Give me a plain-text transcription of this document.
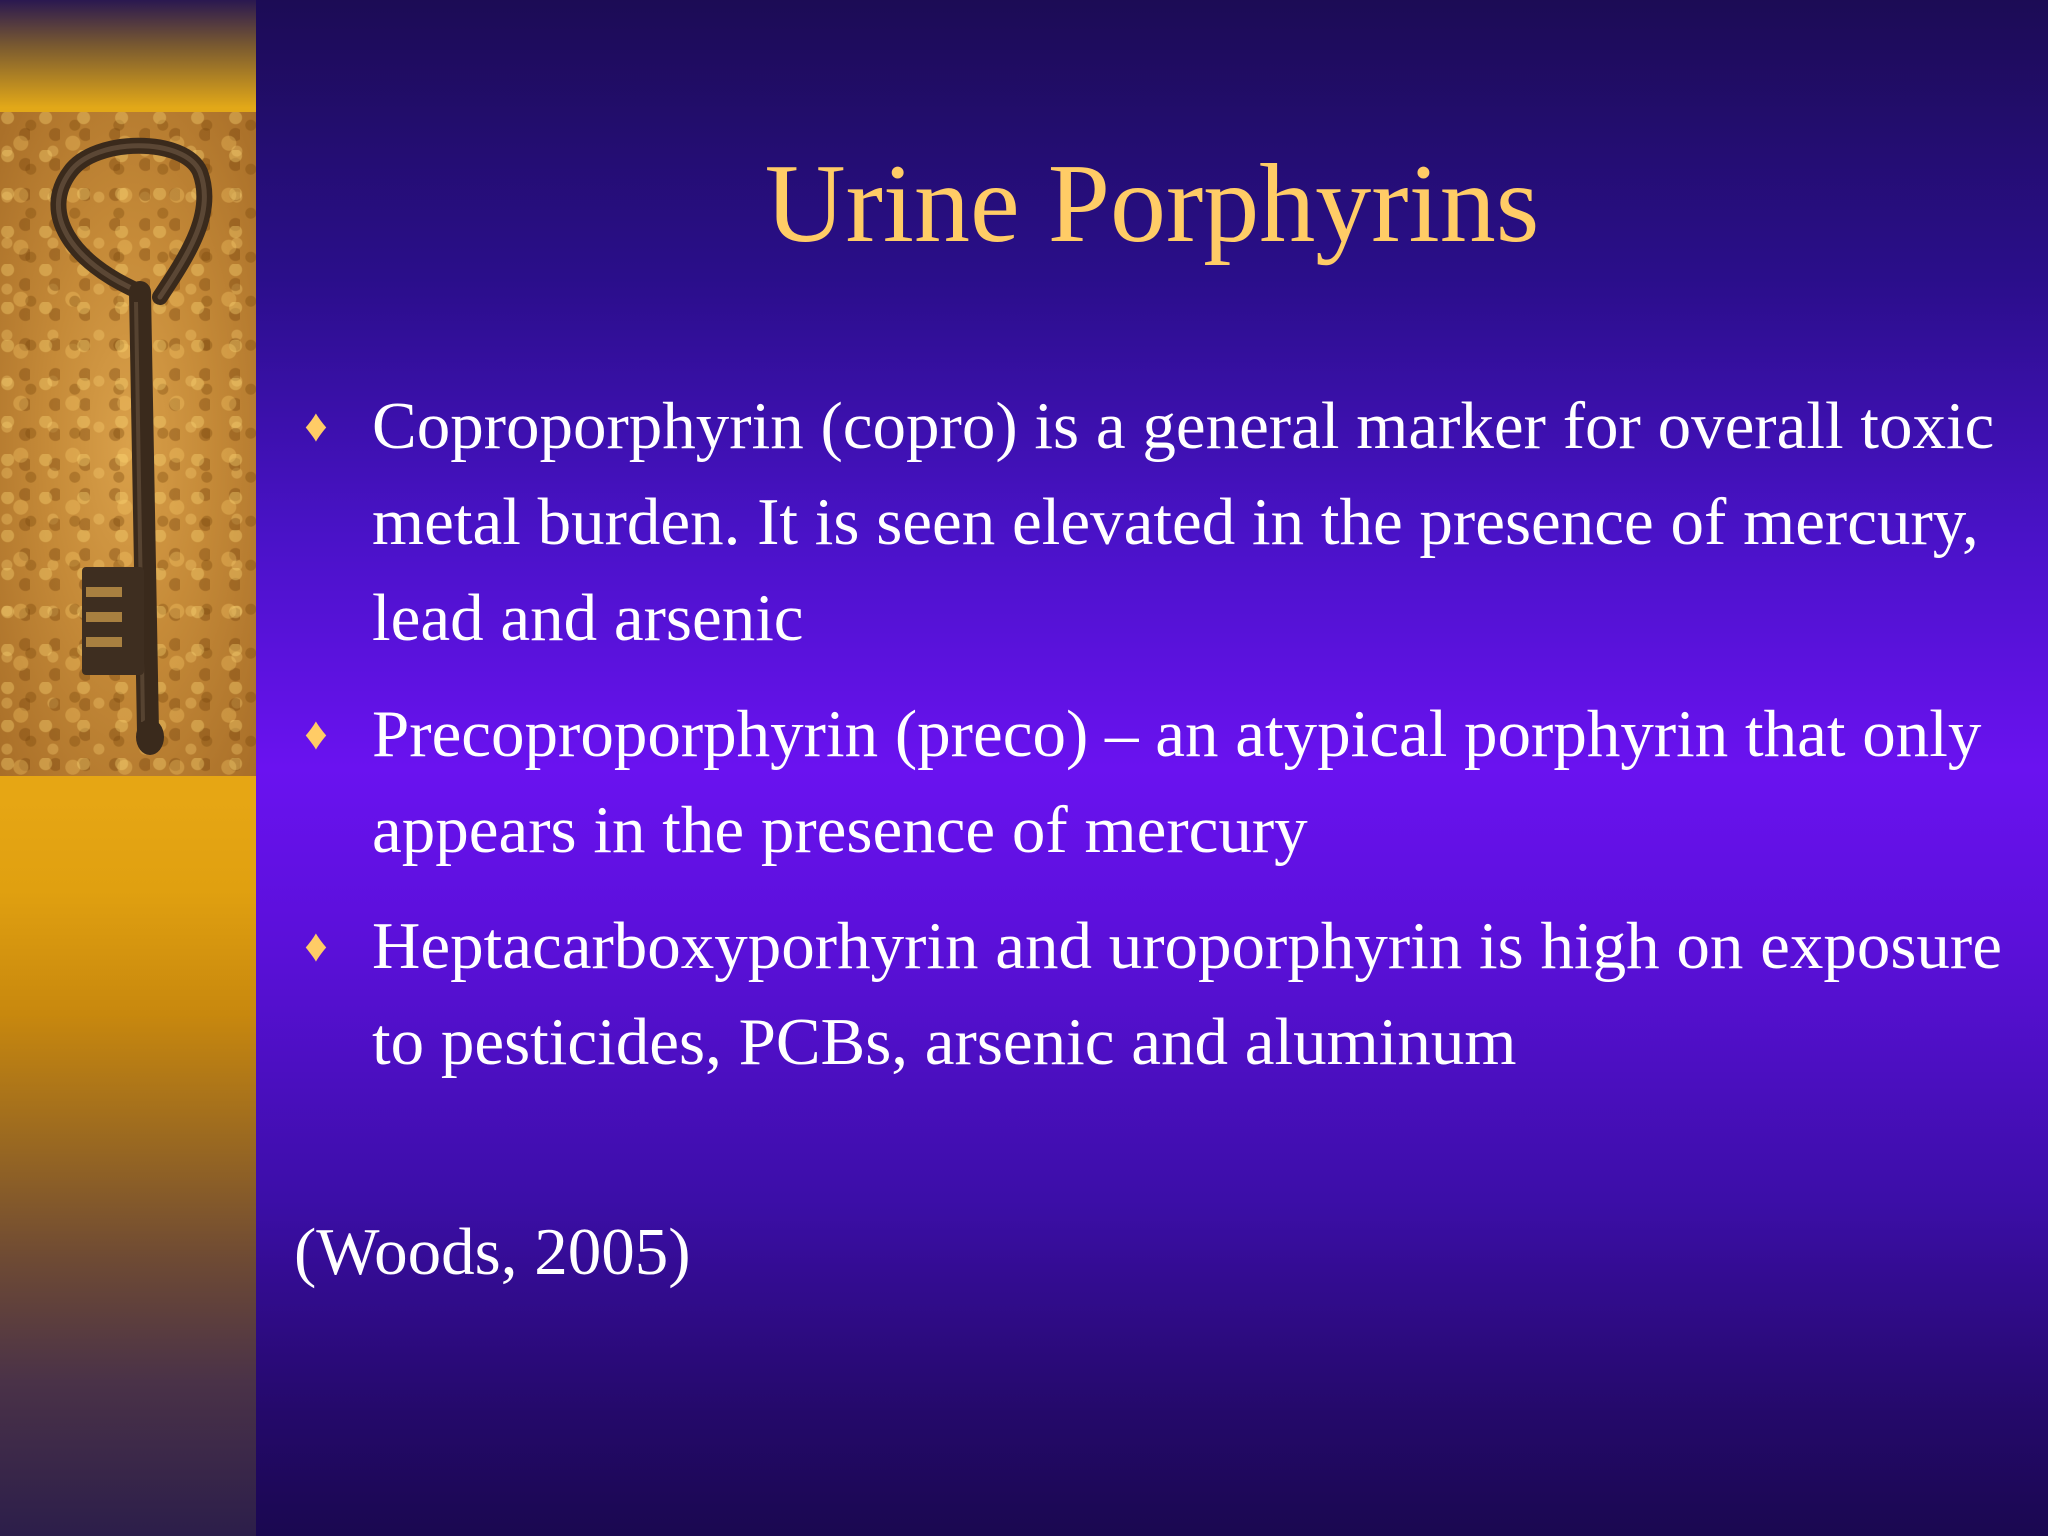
Urine Porphyrins
♦ Coproporphyrin (copro) is a general marker for overall toxic metal burden. It is seen elevated in the presence of mercury, lead and arsenic
♦ Precoproporphyrin (preco) – an atypical porphyrin that only appears in the presence of mercury
♦ Heptacarboxyporhyrin and uroporphyrin is high on exposure to pesticides, PCBs, arsenic and aluminum

(Woods, 2005)
